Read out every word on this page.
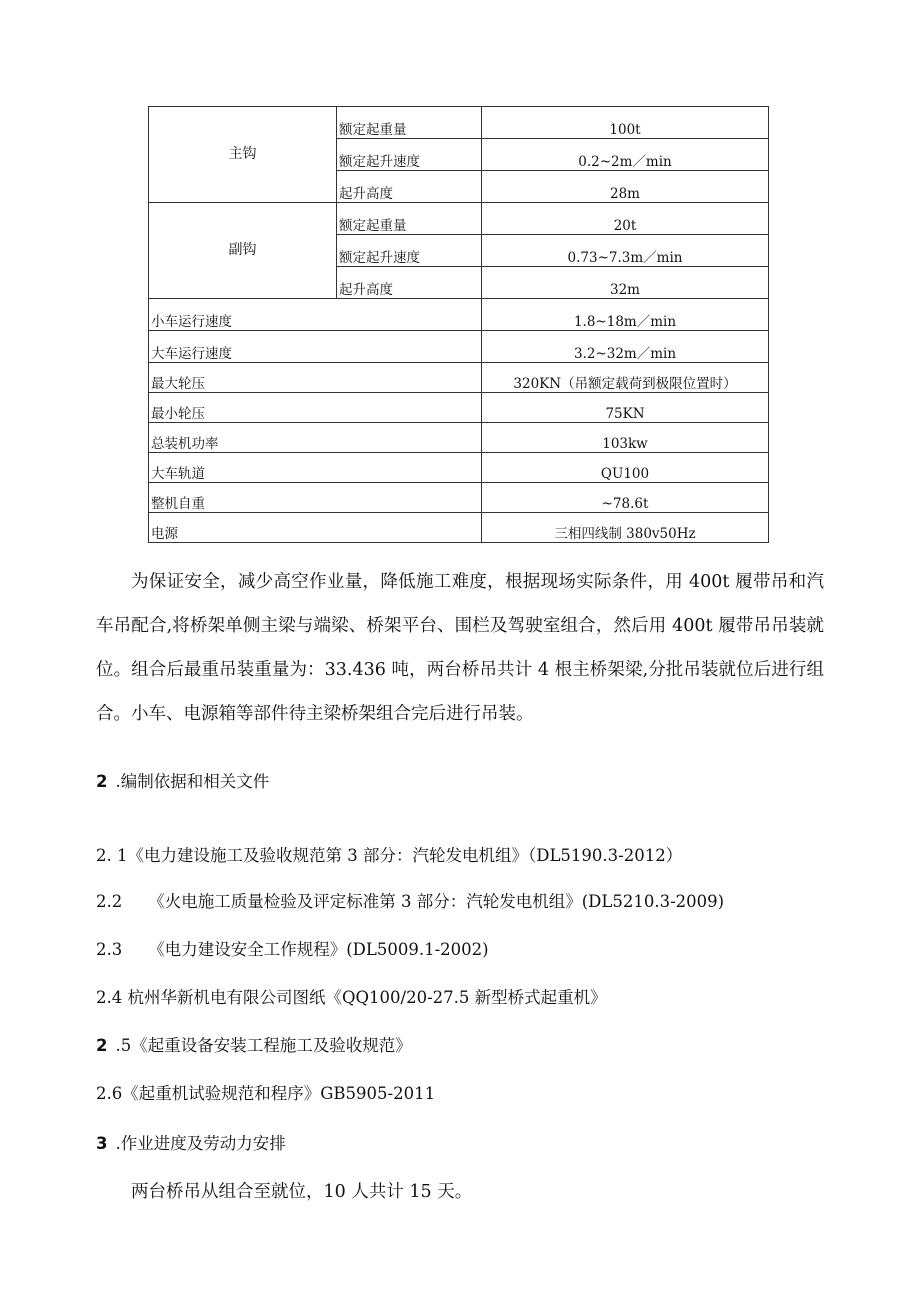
主钩	额定起重量	100t
	额定起升速度	0.2~2m／min
	起升高度	28m
副钩	额定起重量	20t
	额定起升速度	0.73~7.3m／min
	起升高度	32m
小车运行速度		1.8~18m／min
大车运行速度		3.2~32m／min
最大轮压		320KN（吊额定载荷到极限位置时）
最小轮压		75KN
总装机功率		103kw
大车轨道		QU100
整机自重		~78.6t
电源		三相四线制 380v50Hz

为保证安全，减少高空作业量，降低施工难度，根据现场实际条件，用 400t 履带吊和汽车吊配合,将桥架单侧主梁与端梁、桥架平台、围栏及驾驶室组合，然后用 400t 履带吊吊装就位。组合后最重吊装重量为：33.436 吨，两台桥吊共计 4 根主桥架梁,分批吊装就位后进行组合。小车、电源箱等部件待主梁桥架组合完后进行吊装。

2 .编制依据和相关文件

2. 1《电力建设施工及验收规范第 3 部分：汽轮发电机组》（DL5190.3-2012）

2.2 《火电施工质量检验及评定标准第 3 部分：汽轮发电机组》(DL5210.3-2009)

2.3 《电力建设安全工作规程》(DL5009.1-2002)

2.4 杭州华新机电有限公司图纸《QQ100/20-27.5 新型桥式起重机》

2 .5《起重设备安装工程施工及验收规范》

2.6《起重机试验规范和程序》GB5905-2011

3 .作业进度及劳动力安排

两台桥吊从组合至就位，10 人共计 15 天。
